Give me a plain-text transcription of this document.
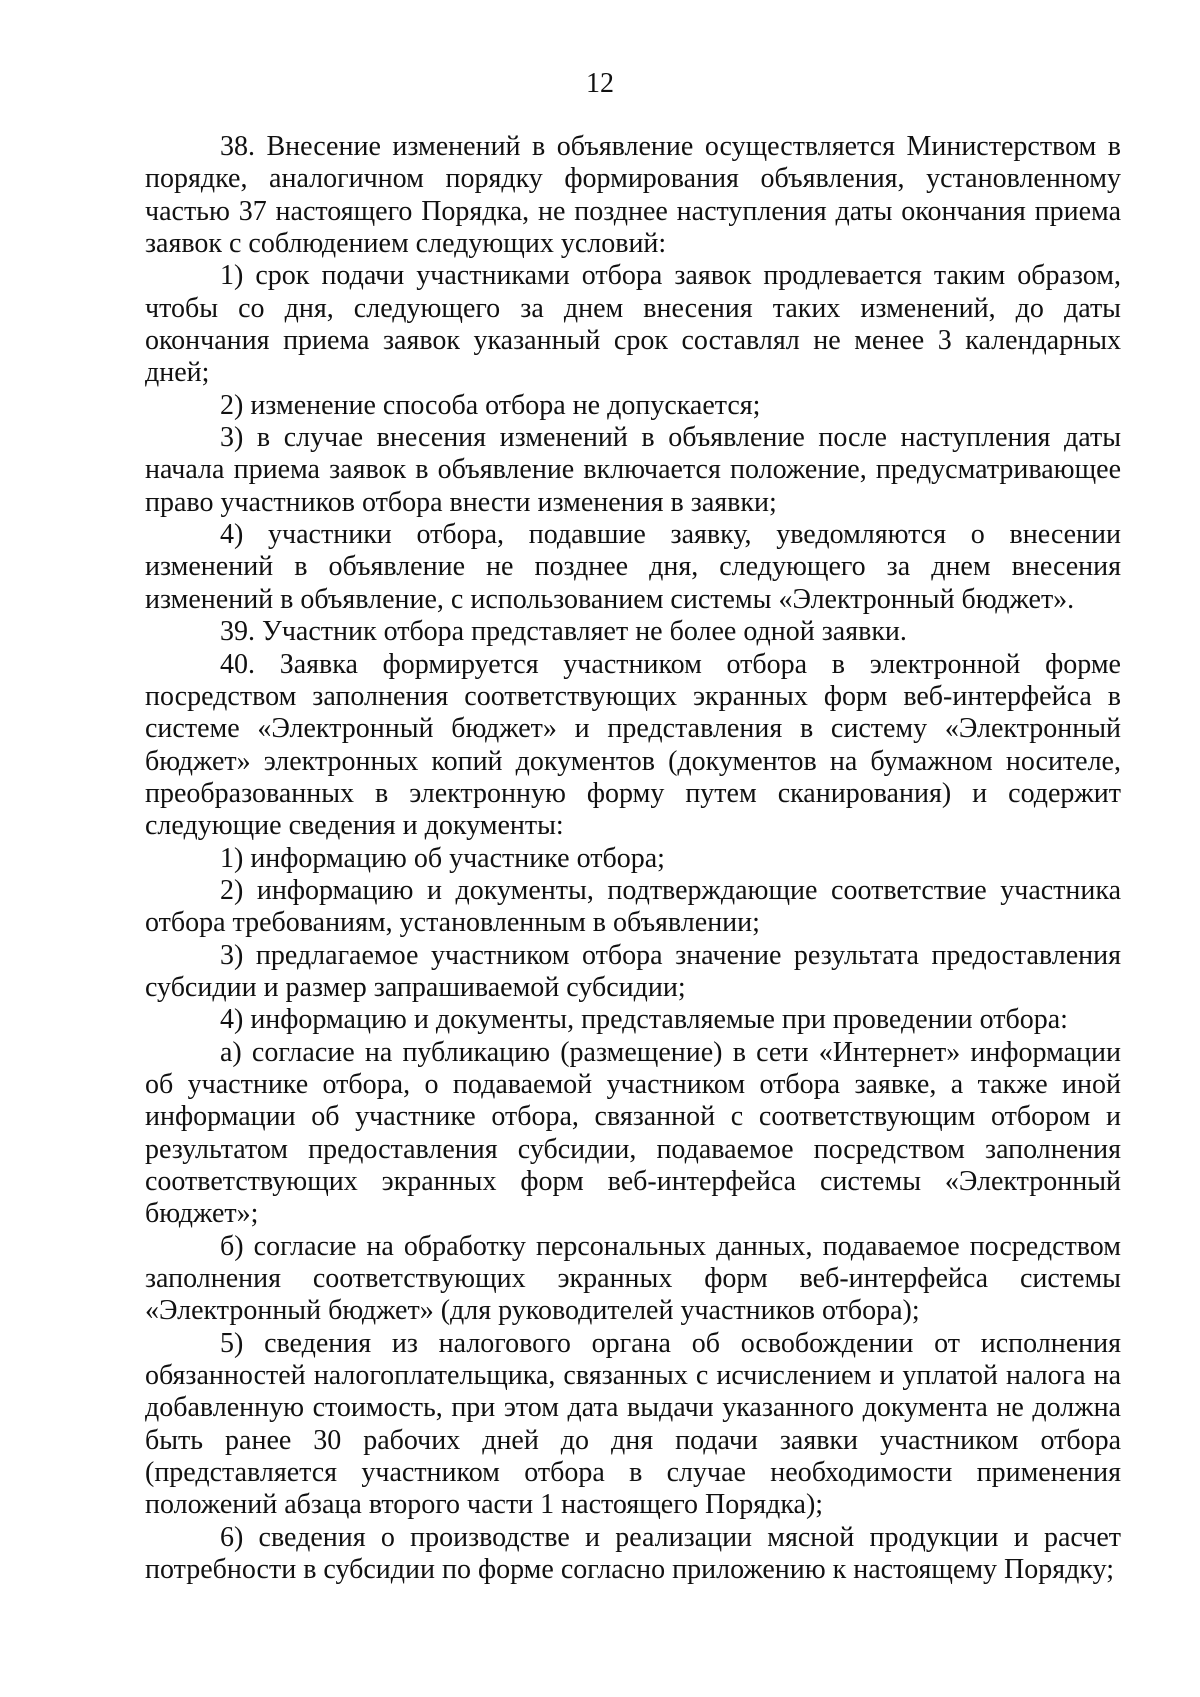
12

38. Внесение изменений в объявление осуществляется Министерством в порядке, аналогичном порядку формирования объявления, установленному частью 37 настоящего Порядка, не позднее наступления даты окончания приема заявок с соблюдением следующих условий:

1) срок подачи участниками отбора заявок продлевается таким образом, чтобы со дня, следующего за днем внесения таких изменений, до даты окончания приема заявок указанный срок составлял не менее 3 календарных дней;

2) изменение способа отбора не допускается;

3) в случае внесения изменений в объявление после наступления даты начала приема заявок в объявление включается положение, предусматривающее право участников отбора внести изменения в заявки;

4) участники отбора, подавшие заявку, уведомляются о внесении изменений в объявление не позднее дня, следующего за днем внесения изменений в объявление, с использованием системы «Электронный бюджет».

39. Участник отбора представляет не более одной заявки.

40. Заявка формируется участником отбора в электронной форме посредством заполнения соответствующих экранных форм веб-интерфейса в системе «Электронный бюджет» и представления в систему «Электронный бюджет» электронных копий документов (документов на бумажном носителе, преобразованных в электронную форму путем сканирования) и содержит следующие сведения и документы:

1) информацию об участнике отбора;

2) информацию и документы, подтверждающие соответствие участника отбора требованиям, установленным в объявлении;

3) предлагаемое участником отбора значение результата предоставления субсидии и размер запрашиваемой субсидии;

4) информацию и документы, представляемые при проведении отбора:

а) согласие на публикацию (размещение) в сети «Интернет» информации об участнике отбора, о подаваемой участником отбора заявке, а также иной информации об участнике отбора, связанной с соответствующим отбором и результатом предоставления субсидии, подаваемое посредством заполнения соответствующих экранных форм веб-интерфейса системы «Электронный бюджет»;

б) согласие на обработку персональных данных, подаваемое посредством заполнения соответствующих экранных форм веб-интерфейса системы «Электронный бюджет» (для руководителей участников отбора);

5) сведения из налогового органа об освобождении от исполнения обязанностей налогоплательщика, связанных с исчислением и уплатой налога на добавленную стоимость, при этом дата выдачи указанного документа не должна быть ранее 30 рабочих дней до дня подачи заявки участником отбора (представляется участником отбора в случае необходимости применения положений абзаца второго части 1 настоящего Порядка);

6) сведения о производстве и реализации мясной продукции и расчет потребности в субсидии по форме согласно приложению к настоящему Порядку;
